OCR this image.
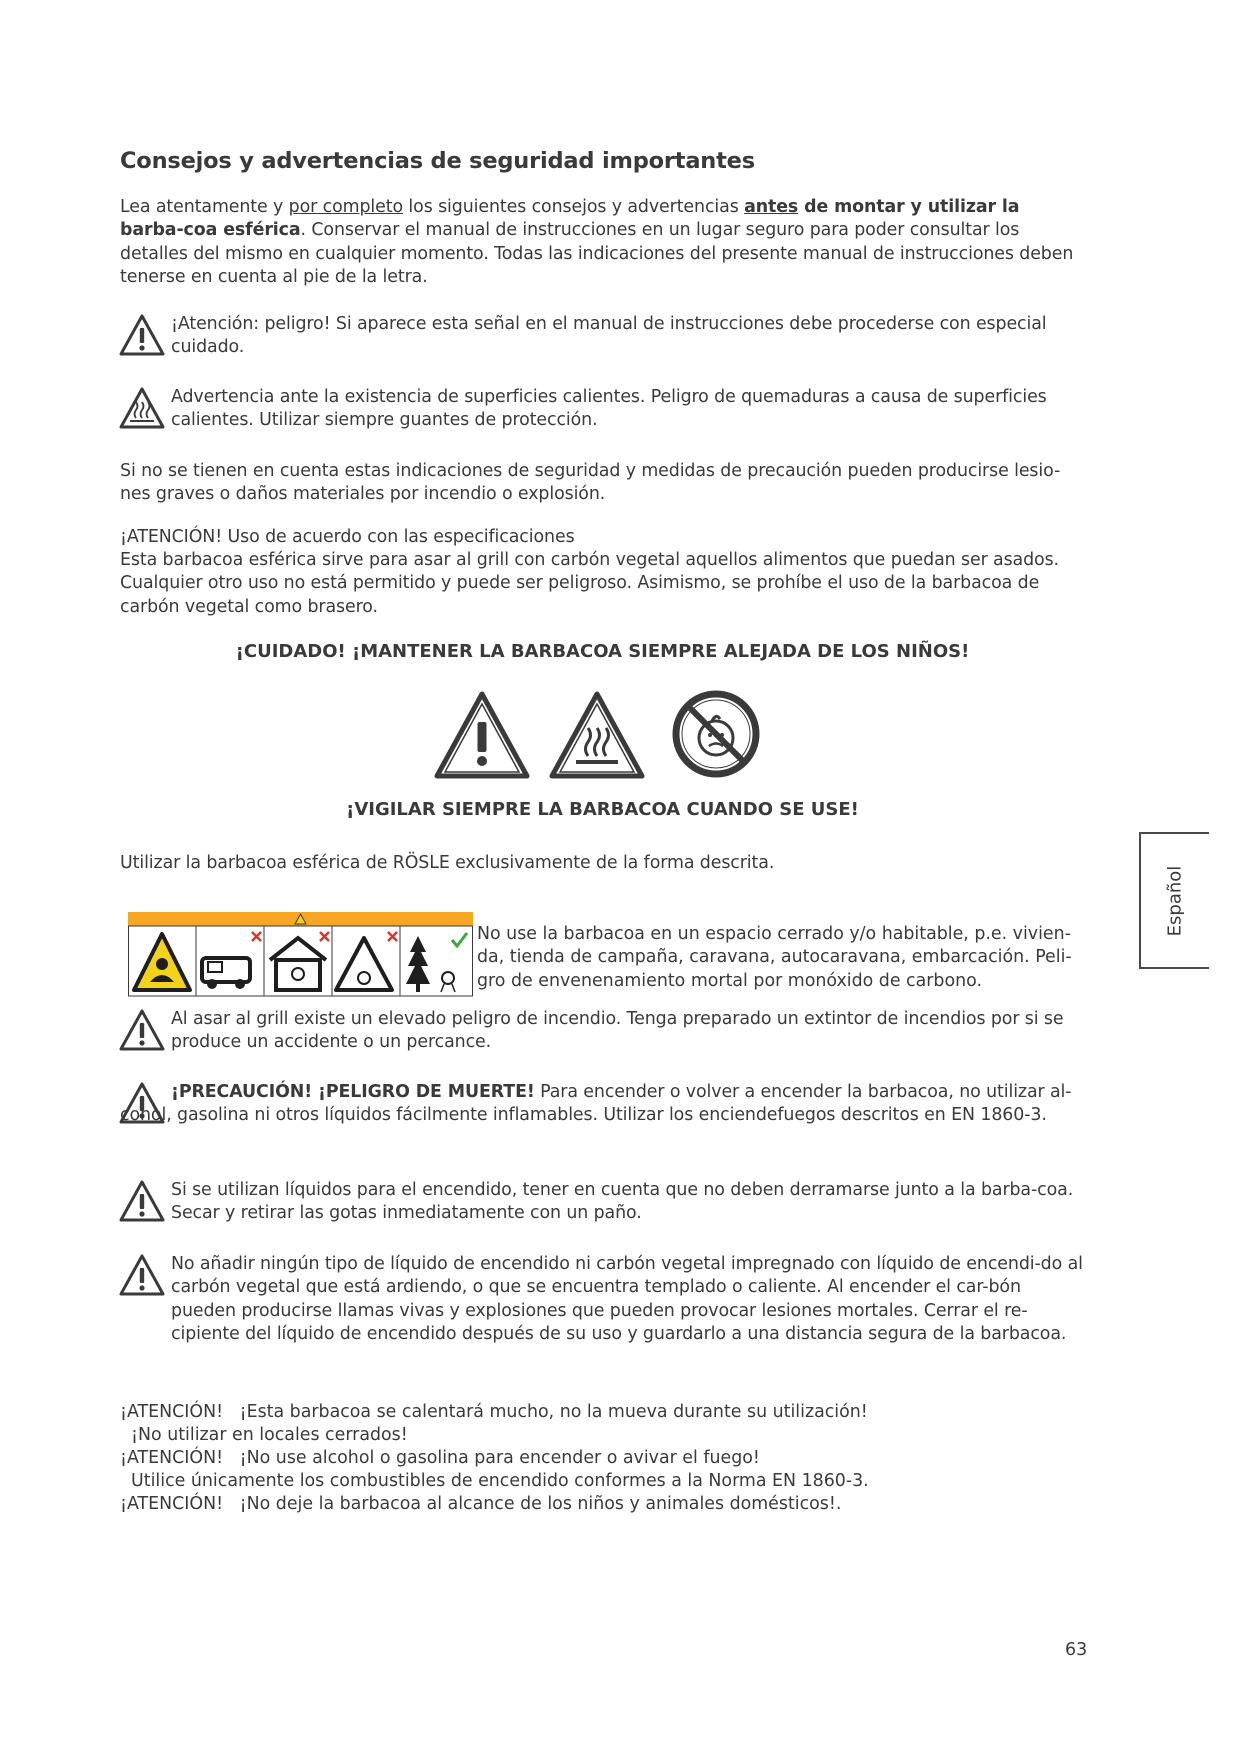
Consejos y advertencias de seguridad importantes

Lea atentamente y por completo los siguientes consejos y advertencias antes de montar y utilizar la barba-coa esférica. Conservar el manual de instrucciones en un lugar seguro para poder consultar los detalles del mismo en cualquier momento. Todas las indicaciones del presente manual de instrucciones deben tenerse en cuenta al pie de la letra.

¡Atención: peligro! Si aparece esta señal en el manual de instrucciones debe procederse con especial cuidado.
Advertencia ante la existencia de superficies calientes. Peligro de quemaduras a causa de superficies calientes. Utilizar siempre guantes de protección.

Si no se tienen en cuenta estas indicaciones de seguridad y medidas de precaución pueden producirse lesio-nes graves o daños materiales por incendio o explosión.

¡ATENCIÓN! Uso de acuerdo con las especificaciones

Esta barbacoa esférica sirve para asar al grill con carbón vegetal aquellos alimentos que puedan ser asados. Cualquier otro uso no está permitido y puede ser peligroso. Asimismo, se prohíbe el uso de la barbacoa de carbón vegetal como brasero.

¡CUIDADO! ¡MANTENER LA BARBACOA SIEMPRE ALEJADA DE LOS NIÑOS!
¡VIGILAR SIEMPRE LA BARBACOA CUANDO SE USE!

Utilizar la barbacoa esférica de RÖSLE exclusivamente de la forma descrita.

No use la barbacoa en un espacio cerrado y/o habitable, p.e. vivien-da, tienda de campaña, caravana, autocaravana, embarcación. Peli-gro de envenenamiento mortal por monóxido de carbono.
Al asar al grill existe un elevado peligro de incendio. Tenga preparado un extintor de incendios por si se produce un accidente o un percance.

¡PRECAUCIÓN! ¡PELIGRO DE MUERTE! Para encender o volver a encender la barbacoa, no utilizar al-cohol, gasolina ni otros líquidos fácilmente inflamables. Utilizar los enciendefuegos descritos en EN 1860-3.

Si se utilizan líquidos para el encendido, tener en cuenta que no deben derramarse junto a la barba-coa. Secar y retirar las gotas inmediatamente con un paño.
No añadir ningún tipo de líquido de encendido ni carbón vegetal impregnado con líquido de encendi-do al carbón vegetal que está ardiendo, o que se encuentra templado o caliente. Al encender el car-bón pueden producirse llamas vivas y explosiones que pueden provocar lesiones mortales. Cerrar el re-cipiente del líquido de encendido después de su uso y guardarlo a una distancia segura de la barbacoa.
¡ATENCIÓN!   ¡Esta barbacoa se calentará mucho, no la mueva durante su utilización!
¡No utilizar en locales cerrados!
¡ATENCIÓN!   ¡No use alcohol o gasolina para encender o avivar el fuego!
Utilice únicamente los combustibles de encendido conformes a la Norma EN 1860-3.
¡ATENCIÓN!   ¡No deje la barbacoa al alcance de los niños y animales domésticos!.
Español
63
